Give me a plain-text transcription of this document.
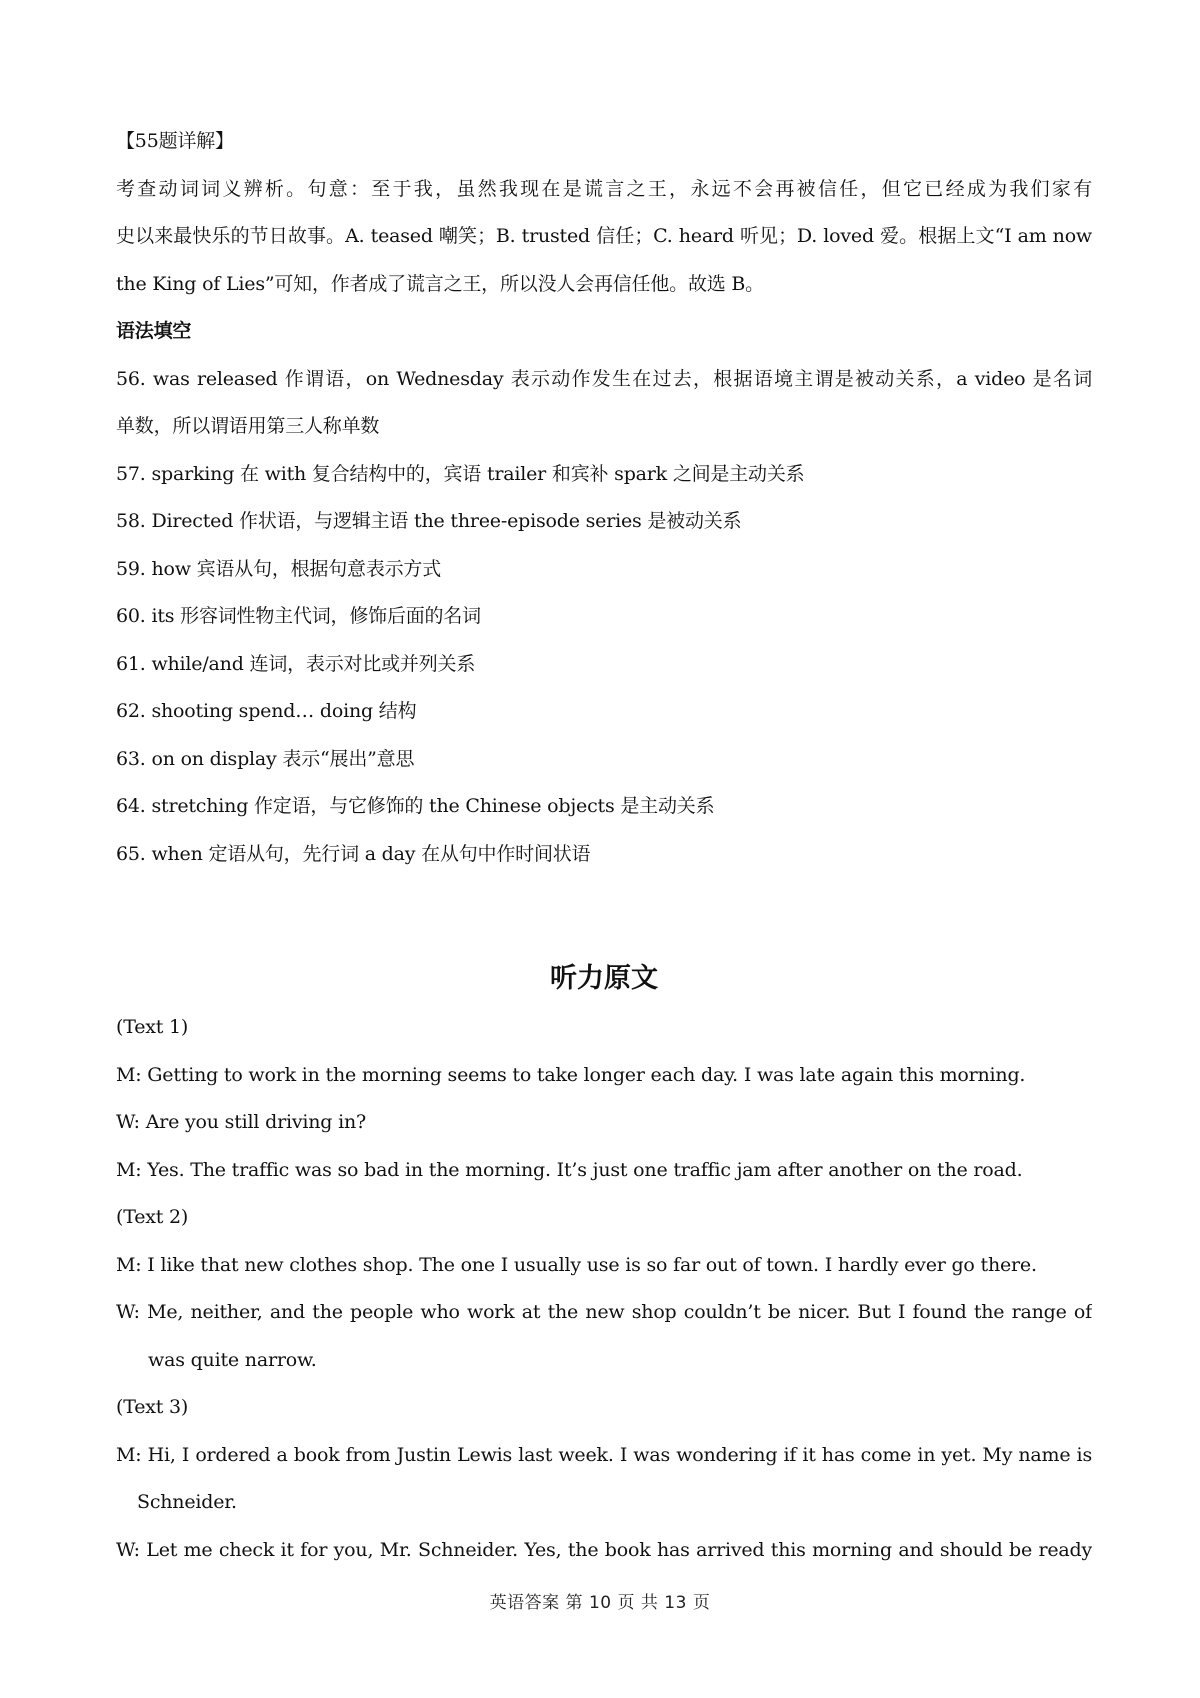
【55题详解】
考查动词词义辨析。句意：至于我，虽然我现在是谎言之王，永远不会再被信任，但它已经成为我们家有
史以来最快乐的节日故事。A. teased 嘲笑；B. trusted 信任；C. heard 听见；D. loved 爱。根据上文“I am now
the King of Lies”可知，作者成了谎言之王，所以没人会再信任他。故选 B。
语法填空
56. was released 作谓语，on Wednesday 表示动作发生在过去，根据语境主谓是被动关系，a video 是名词
单数，所以谓语用第三人称单数
57. sparking 在 with 复合结构中的，宾语 trailer 和宾补 spark 之间是主动关系
58. Directed 作状语，与逻辑主语 the three-episode series 是被动关系
59. how 宾语从句，根据句意表示方式
60. its 形容词性物主代词，修饰后面的名词
61. while/and 连词，表示对比或并列关系
62. shooting spend… doing 结构
63. on on display 表示“展出”意思
64. stretching 作定语，与它修饰的 the Chinese objects 是主动关系
65. when 定语从句，先行词 a day 在从句中作时间状语
听力原文
(Text 1)
M: Getting to work in the morning seems to take longer each day. I was late again this morning.
W: Are you still driving in?
M: Yes. The traffic was so bad in the morning. It’s just one traffic jam after another on the road.
(Text 2)
M: I like that new clothes shop. The one I usually use is so far out of town. I hardly ever go there.
W: Me, neither, and the people who work at the new shop couldn’t be nicer. But I found the range of
was quite narrow.
(Text 3)
M: Hi, I ordered a book from Justin Lewis last week. I was wondering if it has come in yet. My name is
Schneider.
W: Let me check it for you, Mr. Schneider. Yes, the book has arrived this morning and should be ready
英语答案 第 10 页 共 13 页
